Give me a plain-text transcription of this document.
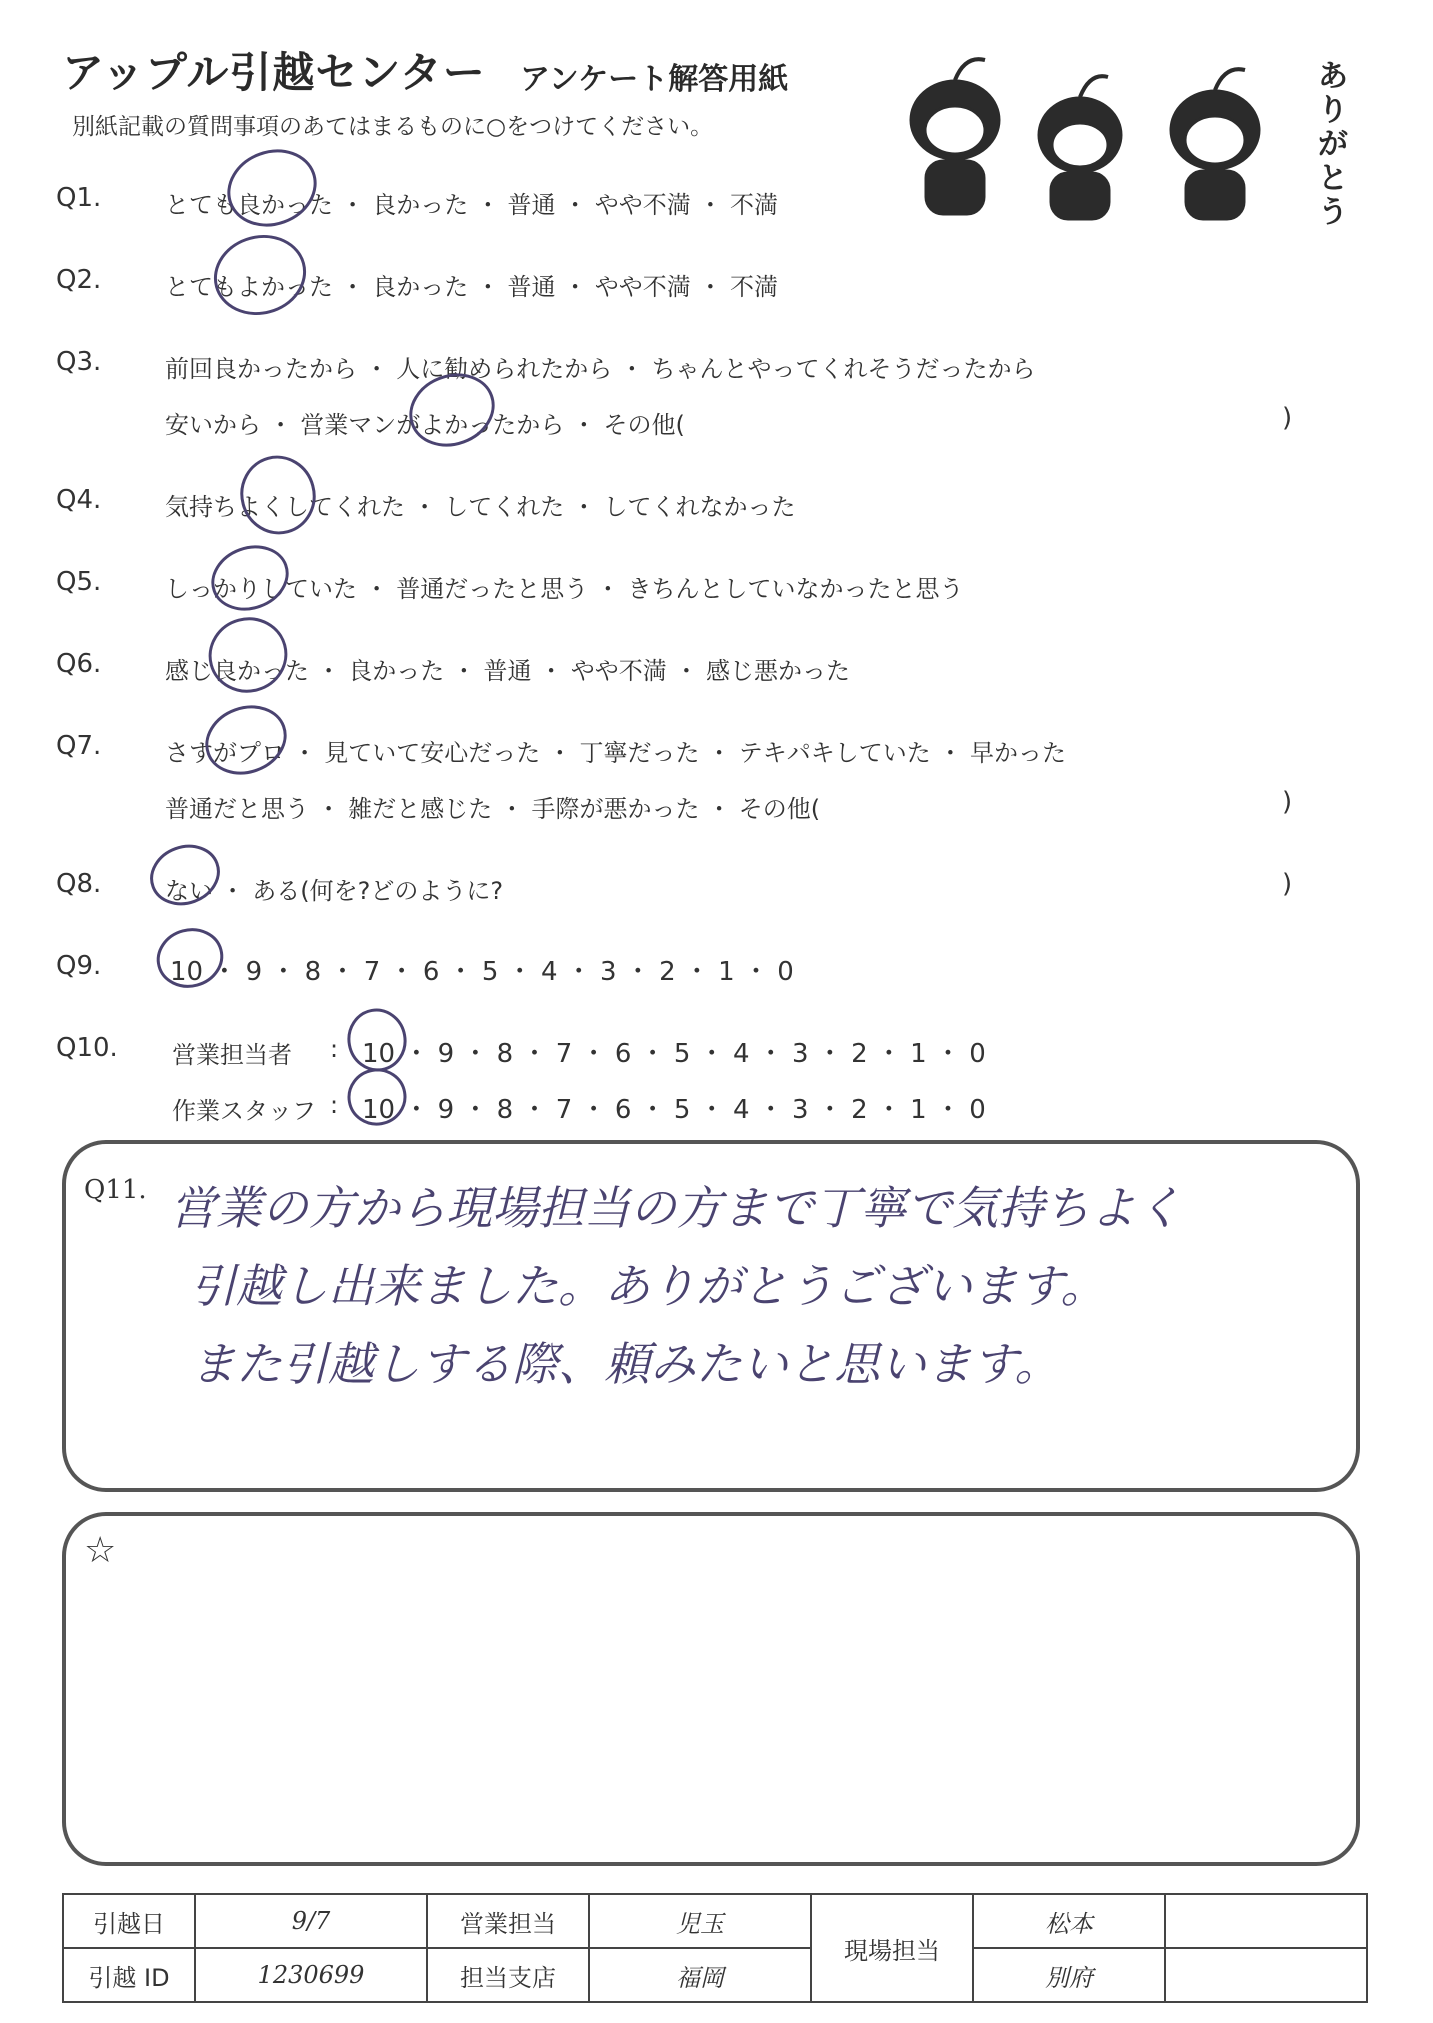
アップル引越センター アンケート解答用紙
別紙記載の質問事項のあてはまるものに○をつけてください。
ありがとう
Q1.	とても良かった ・ 良かった ・ 普通 ・ やや不満 ・ 不満
Q2.	とてもよかった ・ 良かった ・ 普通 ・ やや不満 ・ 不満
Q3.	前回良かったから ・ 人に勧められたから ・ ちゃんとやってくれそうだったから
安いから ・ 営業マンがよかったから ・ その他(	)
Q4.	気持ちよくしてくれた ・ してくれた ・ してくれなかった
Q5.	しっかりしていた ・ 普通だったと思う ・ きちんとしていなかったと思う
Q6.	感じ良かった ・ 良かった ・ 普通 ・ やや不満 ・ 感じ悪かった
Q7.	さすがプロ ・ 見ていて安心だった ・ 丁寧だった ・ テキパキしていた ・ 早かった
普通だと思う ・ 雑だと感じた ・ 手際が悪かった ・ その他(	)
Q8.	ない ・ ある(何を?どのように?	)
Q9.	10 ・ 9 ・ 8 ・ 7 ・ 6 ・ 5 ・ 4 ・ 3 ・ 2 ・ 1 ・ 0
Q10. 営業担当者 : 10 ・ 9 ・ 8 ・ 7 ・ 6 ・ 5 ・ 4 ・ 3 ・ 2 ・ 1 ・ 0
作業スタッフ : 10 ・ 9 ・ 8 ・ 7 ・ 6 ・ 5 ・ 4 ・ 3 ・ 2 ・ 1 ・ 0
Q11. 営業の方から現場担当の方まで丁寧で気持ちよく
引越し出来ました。ありがとうございます。
また引越しする際、頼みたいと思います。
☆
引越日	9/7	営業担当	児玉	現場担当	松本	
引越 ID	1230699	担当支店	福岡		別府	
